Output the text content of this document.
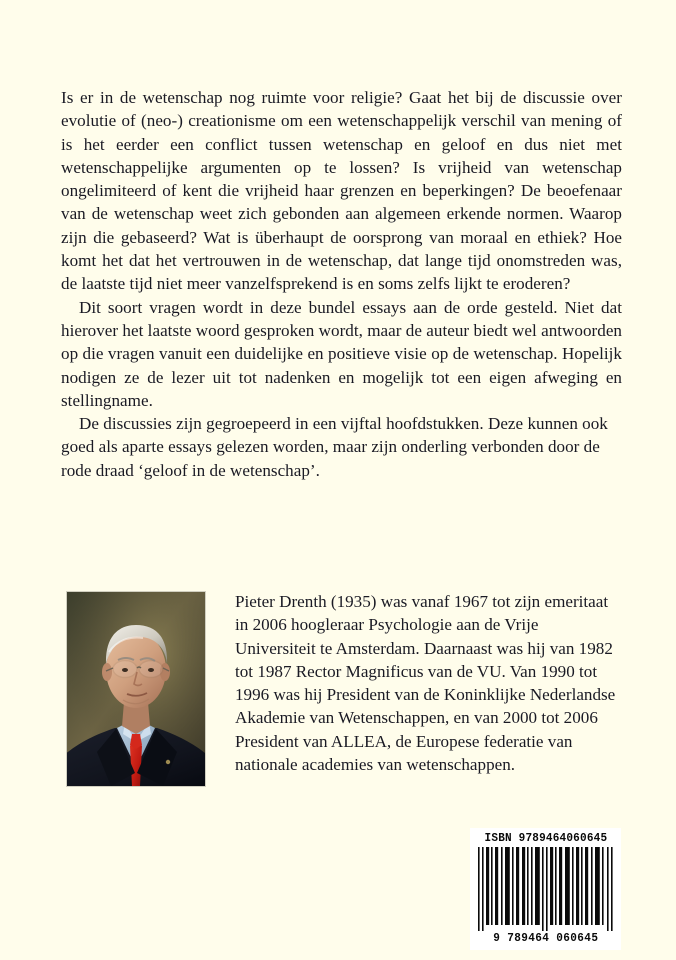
Is er in de wetenschap nog ruimte voor religie? Gaat het bij de discussie over evolutie of (neo-) creationisme om een wetenschappelijk verschil van mening of is het eerder een conflict tussen wetenschap en geloof en dus niet met wetenschappelijke argumenten op te lossen? Is vrijheid van wetenschap ongelimiteerd of kent die vrijheid haar grenzen en beperkingen? De beoefenaar van de wetenschap weet zich gebonden aan algemeen erkende normen. Waarop zijn die gebaseerd? Wat is überhaupt de oorsprong van moraal en ethiek? Hoe komt het dat het vertrouwen in de wetenschap, dat lange tijd onomstreden was, de laatste tijd niet meer vanzelfsprekend is en soms zelfs lijkt te eroderen?

Dit soort vragen wordt in deze bundel essays aan de orde gesteld. Niet dat hierover het laatste woord gesproken wordt, maar de auteur biedt wel antwoorden op die vragen vanuit een duidelijke en positieve visie op de wetenschap. Hopelijk nodigen ze de lezer uit tot nadenken en mogelijk tot een eigen afweging en stellingname.

De discussies zijn gegroepeerd in een vijftal hoofdstukken. Deze kunnen ook goed als aparte essays gelezen worden, maar zijn onderling verbonden door de rode draad ‘geloof in de wetenschap’.

Pieter Drenth (1935) was vanaf 1967 tot zijn emeritaat in 2006 hoogleraar Psychologie aan de Vrije Universiteit te Amsterdam. Daarnaast was hij van 1982 tot 1987 Rector Magnificus van de VU. Van 1990 tot 1996 was hij President van de Koninklijke Nederlandse Akademie van Wetenschappen, en van 2000 tot 2006 President van ALLEA, de Europese federatie van nationale academies van wetenschappen.

ISBN 9789464060645
9 789464 060645
